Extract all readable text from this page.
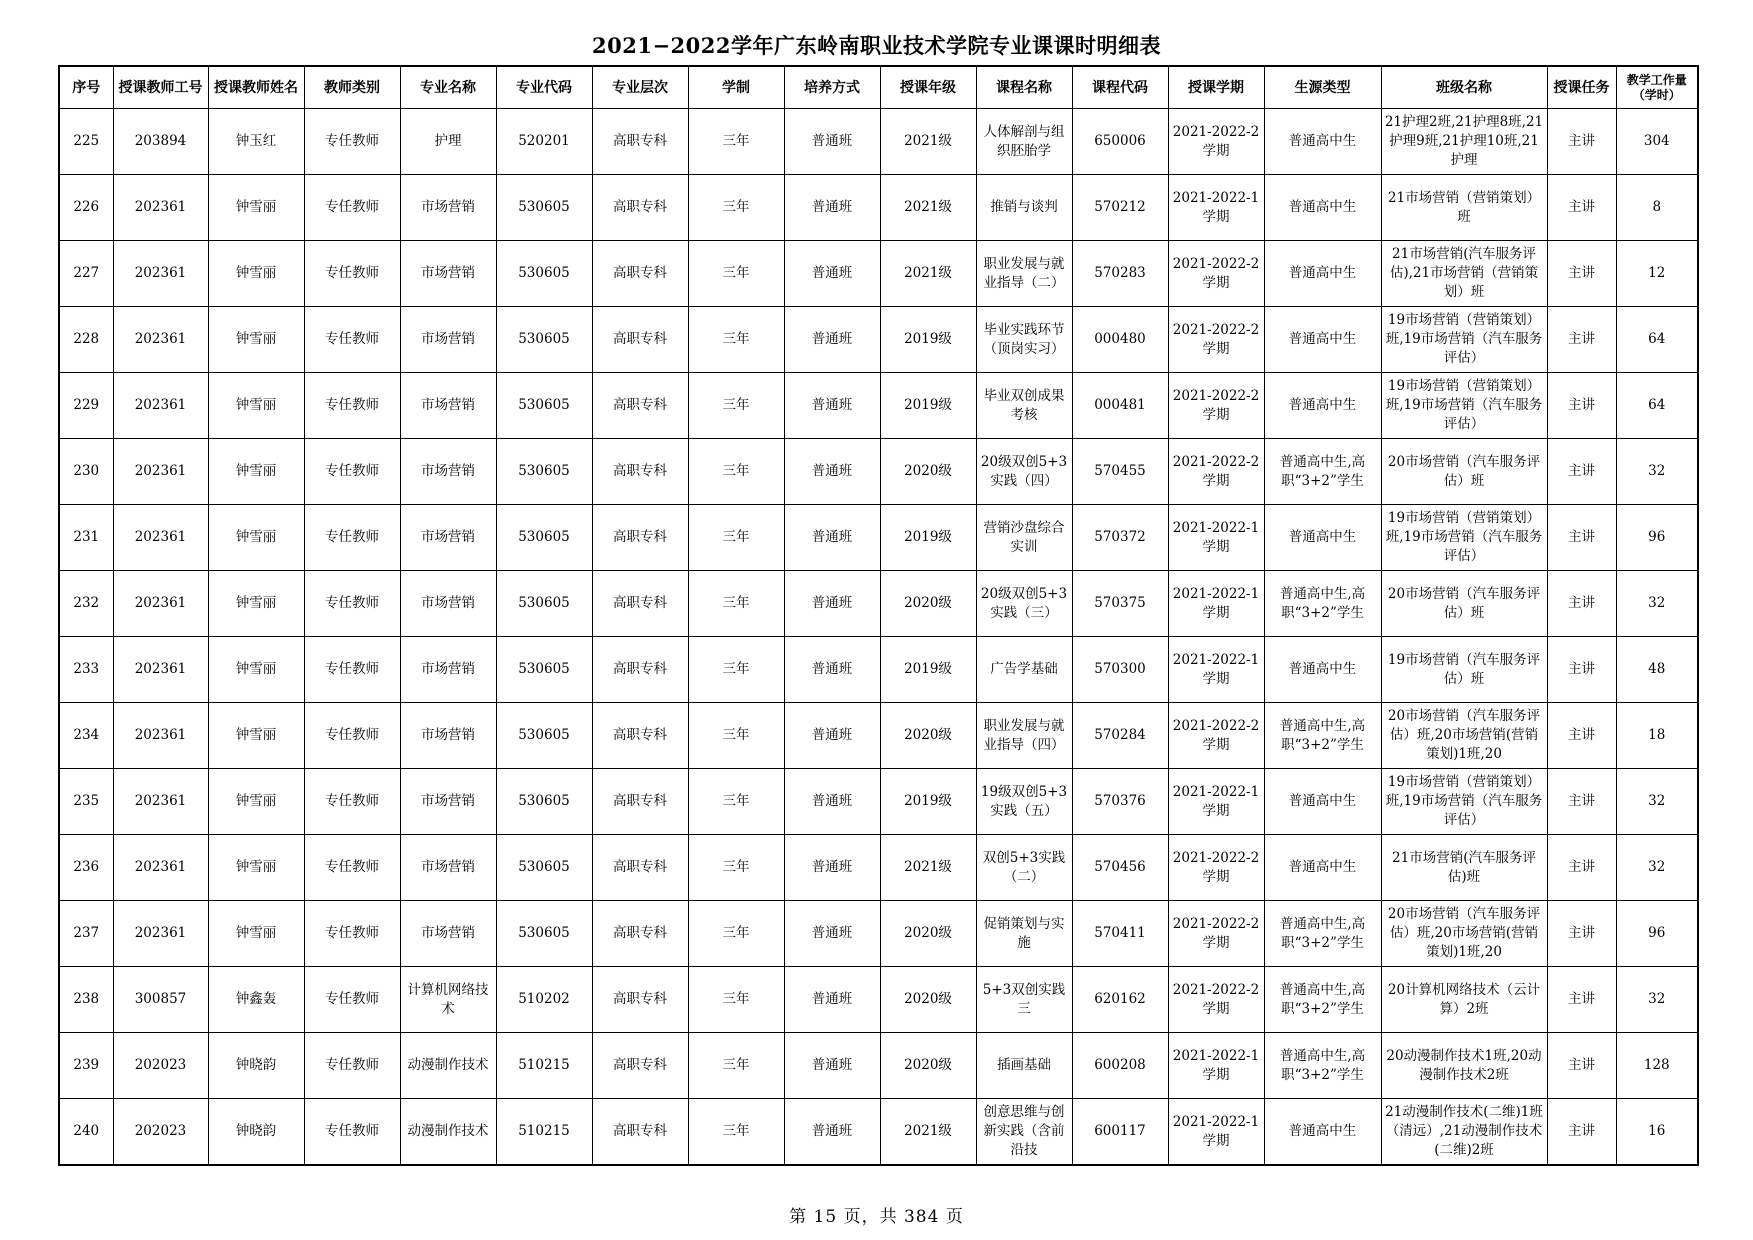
2021−2022学年广东岭南职业技术学院专业课课时明细表
序号	授课教师工号	授课教师姓名	教师类别	专业名称	专业代码	专业层次	学制	培养方式	授课年级	课程名称	课程代码	授课学期	生源类型	班级名称	授课任务	教学工作量（学时）

225	203894	钟玉红	专任教师	护理	520201	高职专科	三年	普通班	2021级	人体解剖与组织胚胎学	650006	2021-2022-2学期	普通高中生	21护理2班,21护理8班,21护理9班,21护理10班,21护理	主讲	304

226	202361	钟雪丽	专任教师	市场营销	530605	高职专科	三年	普通班	2021级	推销与谈判	570212	2021-2022-1学期	普通高中生	21市场营销（营销策划）班	主讲	8

227	202361	钟雪丽	专任教师	市场营销	530605	高职专科	三年	普通班	2021级	职业发展与就业指导（二）	570283	2021-2022-2学期	普通高中生	21市场营销(汽车服务评估),21市场营销（营销策划）班	主讲	12

228	202361	钟雪丽	专任教师	市场营销	530605	高职专科	三年	普通班	2019级	毕业实践环节（顶岗实习）	000480	2021-2022-2学期	普通高中生	19市场营销（营销策划）班,19市场营销（汽车服务评估）	主讲	64

229	202361	钟雪丽	专任教师	市场营销	530605	高职专科	三年	普通班	2019级	毕业双创成果考核	000481	2021-2022-2学期	普通高中生	19市场营销（营销策划）班,19市场营销（汽车服务评估）	主讲	64

230	202361	钟雪丽	专任教师	市场营销	530605	高职专科	三年	普通班	2020级	20级双创5+3实践（四）	570455	2021-2022-2学期	普通高中生,高职“3+2”学生	20市场营销（汽车服务评估）班	主讲	32

231	202361	钟雪丽	专任教师	市场营销	530605	高职专科	三年	普通班	2019级	营销沙盘综合实训	570372	2021-2022-1学期	普通高中生	19市场营销（营销策划）班,19市场营销（汽车服务评估）	主讲	96

232	202361	钟雪丽	专任教师	市场营销	530605	高职专科	三年	普通班	2020级	20级双创5+3实践（三）	570375	2021-2022-1学期	普通高中生,高职“3+2”学生	20市场营销（汽车服务评估）班	主讲	32

233	202361	钟雪丽	专任教师	市场营销	530605	高职专科	三年	普通班	2019级	广告学基础	570300	2021-2022-1学期	普通高中生	19市场营销（汽车服务评估）班	主讲	48

234	202361	钟雪丽	专任教师	市场营销	530605	高职专科	三年	普通班	2020级	职业发展与就业指导（四）	570284	2021-2022-2学期	普通高中生,高职“3+2”学生	20市场营销（汽车服务评估）班,20市场营销(营销策划)1班,20	主讲	18

235	202361	钟雪丽	专任教师	市场营销	530605	高职专科	三年	普通班	2019级	19级双创5+3实践（五）	570376	2021-2022-1学期	普通高中生	19市场营销（营销策划）班,19市场营销（汽车服务评估）	主讲	32

236	202361	钟雪丽	专任教师	市场营销	530605	高职专科	三年	普通班	2021级	双创5+3实践（二）	570456	2021-2022-2学期	普通高中生	21市场营销(汽车服务评估)班	主讲	32

237	202361	钟雪丽	专任教师	市场营销	530605	高职专科	三年	普通班	2020级	促销策划与实施	570411	2021-2022-2学期	普通高中生,高职“3+2”学生	20市场营销（汽车服务评估）班,20市场营销(营销策划)1班,20	主讲	96

238	300857	钟鑫轰	专任教师	计算机网络技术	510202	高职专科	三年	普通班	2020级	5+3双创实践三	620162	2021-2022-2学期	普通高中生,高职“3+2”学生	20计算机网络技术（云计算）2班	主讲	32

239	202023	钟晓韵	专任教师	动漫制作技术	510215	高职专科	三年	普通班	2020级	插画基础	600208	2021-2022-1学期	普通高中生,高职“3+2”学生	20动漫制作技术1班,20动漫制作技术2班	主讲	128

240	202023	钟晓韵	专任教师	动漫制作技术	510215	高职专科	三年	普通班	2021级	创意思维与创新实践（含前沿技	600117	2021-2022-1学期	普通高中生	21动漫制作技术(二维)1班（清远）,21动漫制作技术(二维)2班	主讲	16
第 15 页，共 384 页
